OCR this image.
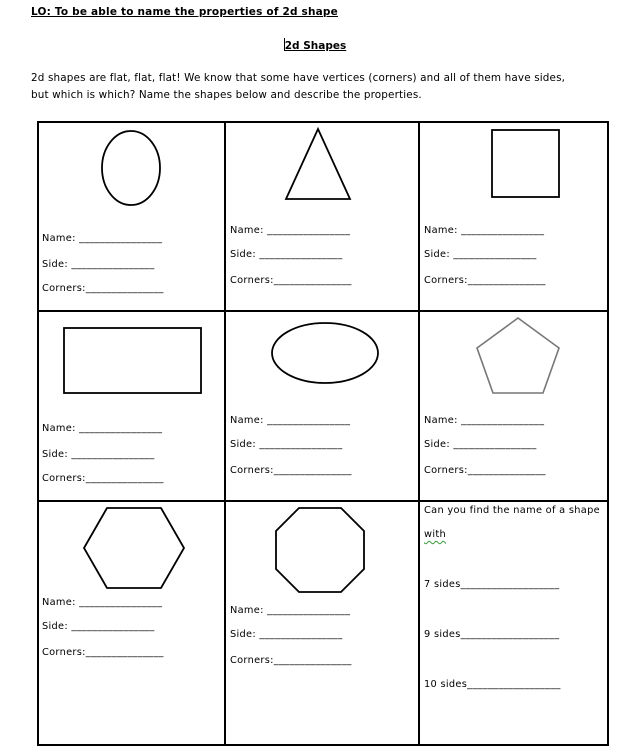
LO: To be able to name the properties of 2d shape
2d Shapes
2d shapes are flat, flat, flat! We know that some have vertices (corners) and all of them have sides,
but which is which? Name the shapes below and describe the properties.
Name: ________________
Side: ________________
Corners:_______________
Name: ________________
Side: ________________
Corners:_______________
Name: ________________
Side: ________________
Corners:_______________
Name: ________________
Side: ________________
Corners:_______________
Name: ________________
Side: ________________
Corners:_______________
Name: ________________
Side: ________________
Corners:_______________
Name: ________________
Side: ________________
Corners:_______________
Name: ________________
Side: ________________
Corners:_______________
Can you find the name of a shape
with
7 sides___________________
9 sides___________________
10 sides__________________
